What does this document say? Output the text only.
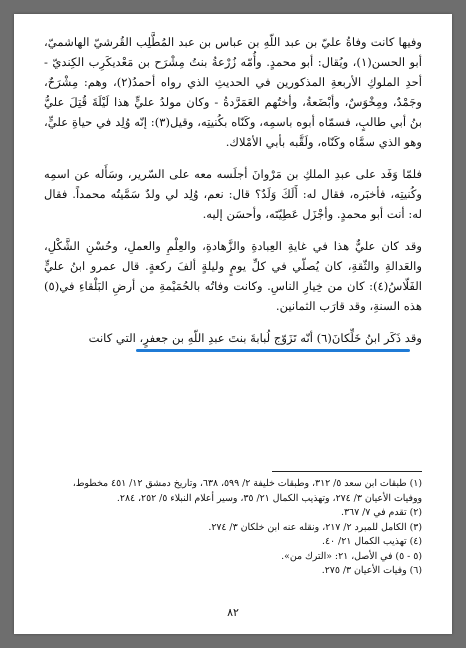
وفيها كانت وفاةُ عليّ بن عبد اللّهِ بن عباس بن عبد المُطَّلِب القُرشيّ الهاشميّ، أبو الحسن(١)، ويُقال: أبو محمدٍ. وأُمّه زُرْعةُ بنتُ مِشْرَح بن مَعْديكَرِب الكِنديّ - أحدِ الملوكِ الأربعةِ المذكورين في الحديثِ الذي رواه أحمدُ(٢)، وهم: مِشْرَحٌ، وجَمْدٌ، ومِخْوَسٌ، وأبْضَعةُ، وأختُهم العَمَرَّدةُ - وكان مولدُ عليٍّ هذا لَيْلَةَ قُتِلَ عليُّ بنُ أبي طالبٍ، فسمّاه أبوه باسمِه، وكَنّاه بكُنيتِه، وقيل(٣): إنّه وُلِد في حياةِ عليٍّ، وهو الذي سمَّاه وكَنّاه، ولَقَّبه بأبي الأمْلاك.

فلمّا وَفَد على عبدِ الملكِ بن مَرْوانَ أجلَسه معه على السّرير، وسَأَله عن اسمِه وكُنيتِه، فأخبَره، فقال له: أَلَكَ وَلَدٌ؟ قال: نعم، وُلِد لي ولدٌ سَمَّيتُه محمداً. فقال له: أنت أبو محمدٍ. وأجْزَل عَطِيّتَه، وأحسَن إليه.

وقد كان عليٌّ هذا في غايةِ العِبادةِ والزَّهادةِ، والعِلْمِ والعملِ، وحُسْنِ الشَّكْلِ، والعَدالةِ والثّقةِ، كان يُصلّي في كلِّ يومٍ وليلةٍ ألفَ ركعةٍ. قال عمرو ابنُ عليٍّ الفَلّاسُ(٤): كان من خِيارِ الناسِ. وكانت وفاتُه بالحُمَيْمةِ من أرضِ البَلْقاءِ في(٥) هذه السنةِ، وقد قارَب الثمانين.

وقد ذَكَر ابنُ خَلِّكانَ(٦) أنّه تَزَوّج لُبابةَ بنتَ عبدِ اللّهِ بن جعفرٍ، التي كانت

(١) طبقات ابن سعد ٥/ ٣١٢، وطبقات خليفة ٢/ ٥٩٩، ٦٣٨، وتاريخ دمشق ١٢/ ٤٥١ مخطوط، ووفيات الأعيان ٣/ ٢٧٤، وتهذيب الكمال ٢١/ ٣٥، وسير أعلام النبلاء ٥/ ٢٥٢، ٢٨٤.

(٢) تقدم في ٧/ ٣٦٧.

(٣) الكامل للمبرد ٢/ ٢١٧، ونقله عنه ابن خلكان ٣/ ٢٧٤.

(٤) تهذيب الكمال ٢١/ ٤٠.

(٥ - ٥) في الأصل، ٢١: «الترك من».

(٦) وفيات الأعيان ٣/ ٢٧٥.

٨٢
